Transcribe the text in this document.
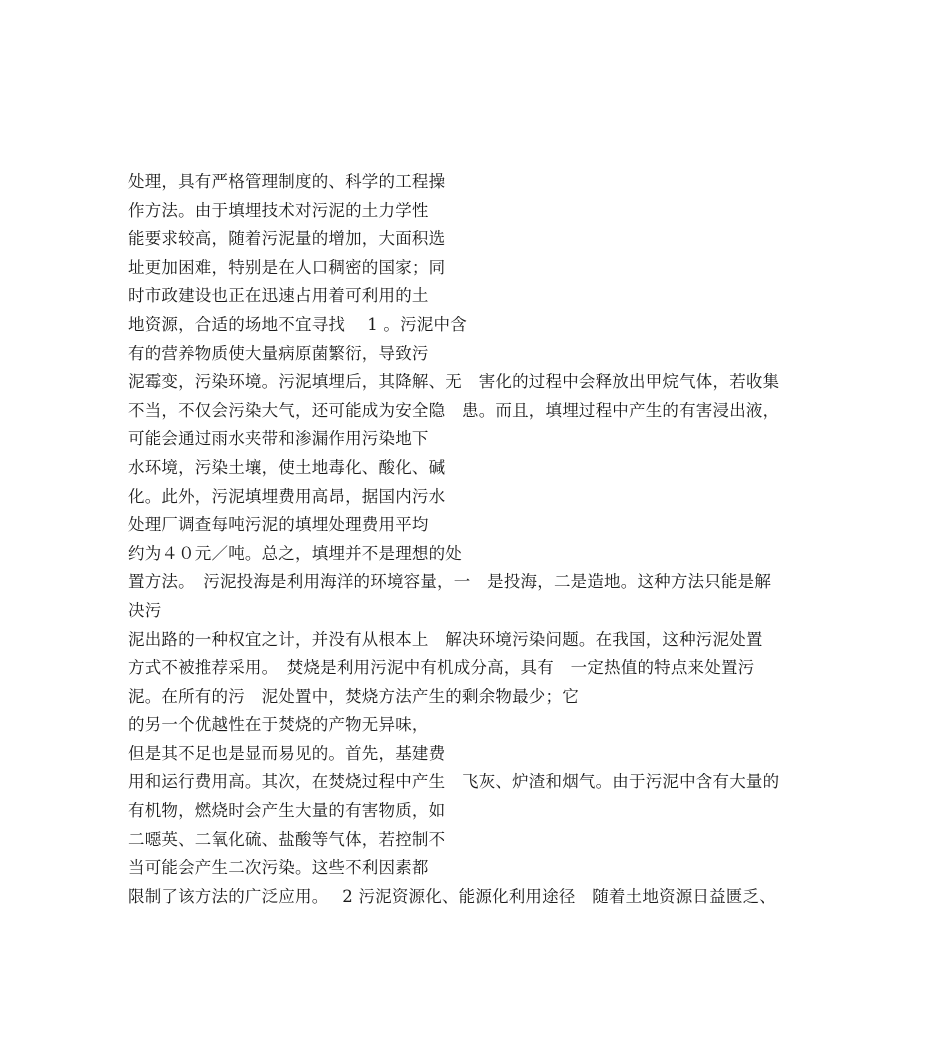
处理，具有严格管理制度的、科学的工程操
作方法。由于填埋技术对污泥的土力学性
能要求较高，随着污泥量的增加，大面积选
址更加困难，特别是在人口稠密的国家；同
时市政建设也正在迅速占用着可利用的土
地资源，合适的场地不宜寻找　 1 。污泥中含
有的营养物质使大量病原菌繁衍，导致污
泥霉变，污染环境。污泥填埋后，其降解、无　害化的过程中会释放出甲烷气体，若收集
不当，不仅会污染大气，还可能成为安全隐　患。而且，填埋过程中产生的有害浸出液，
可能会通过雨水夹带和渗漏作用污染地下
水环境，污染土壤，使土地毒化、酸化、碱
化。此外，污泥填埋费用高昂，据国内污水
处理厂调查每吨污泥的填埋处理费用平均
约为４０元／吨。总之，填埋并不是理想的处
置方法。　污泥投海是利用海洋的环境容量，一　是投海，二是造地。这种方法只能是解
决污
泥出路的一种权宜之计，并没有从根本上　解决环境污染问题。在我国，这种污泥处置
方式不被推荐采用。　焚烧是利用污泥中有机成分高，具有　一定热值的特点来处置污
泥。在所有的污　泥处置中，焚烧方法产生的剩余物最少；它
的另一个优越性在于焚烧的产物无异味，
但是其不足也是显而易见的。首先，基建费
用和运行费用高。其次，在焚烧过程中产生　飞灰、炉渣和烟气。由于污泥中含有大量的
有机物，燃烧时会产生大量的有害物质，如
二噁英、二氧化硫、盐酸等气体，若控制不
当可能会产生二次污染。这些不利因素都
限制了该方法的广泛应用。　 2 污泥资源化、能源化利用途径　随着土地资源日益匮乏、
